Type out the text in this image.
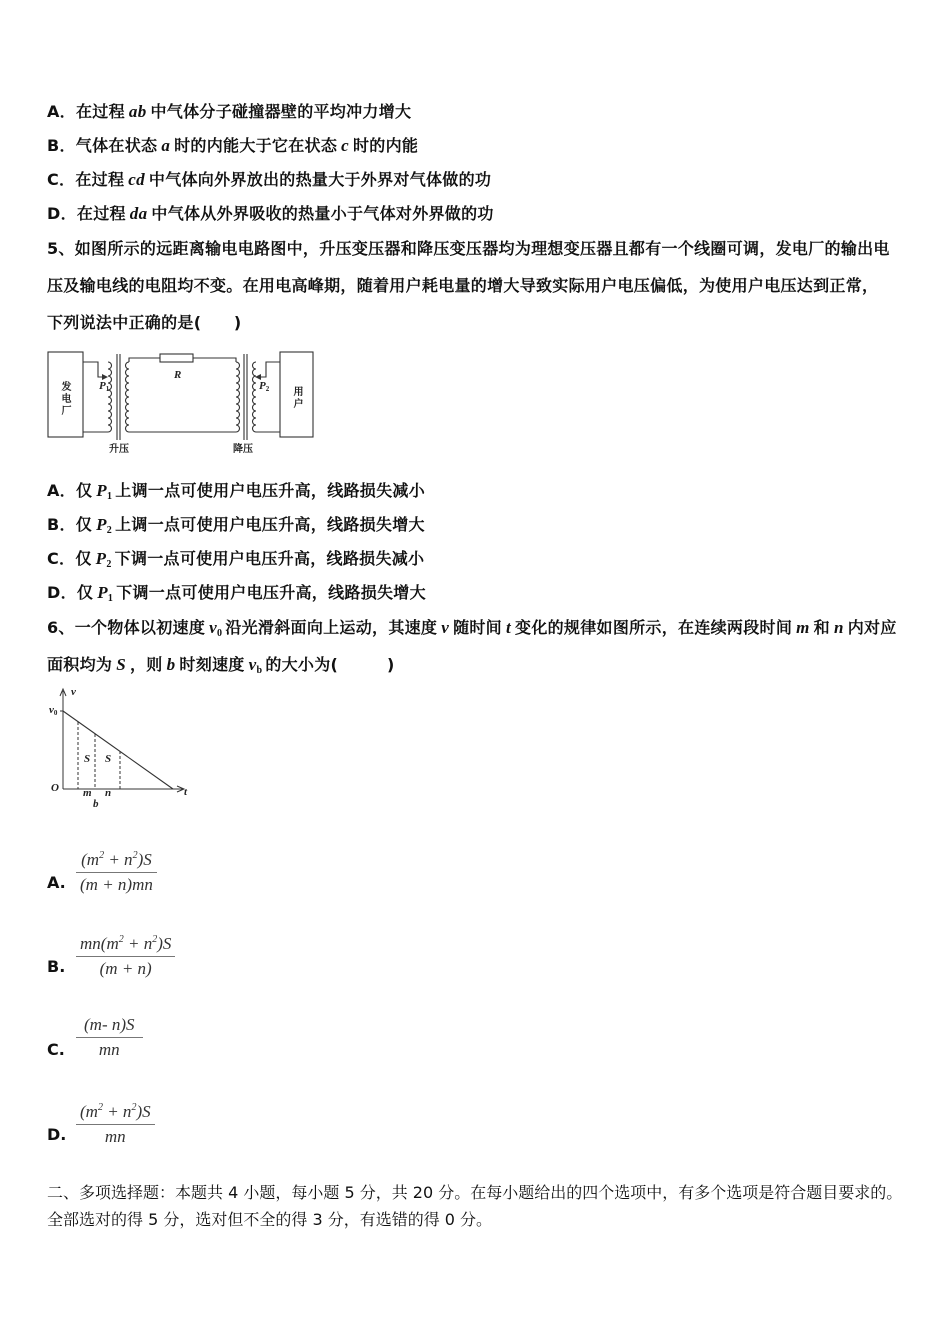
A．在过程 ab 中气体分子碰撞器壁的平均冲力增大
B．气体在状态 a 时的内能大于它在状态 c 时的内能
C．在过程 cd 中气体向外界放出的热量大于外界对气体做的功
D．在过程 da 中气体从外界吸收的热量小于气体对外界做的功
5、如图所示的远距离输电电路图中，升压变压器和降压变压器均为理想变压器且都有一个线圈可调，发电厂的输出电
压及输电线的电阻均不变。在用电高峰期，随着用户耗电量的增大导致实际用户电压偏低，为使用户电压达到正常，
下列说法中正确的是(　　)
发电厂	用户
R
$P_1$	$P_2$
升压	降压
A．仅 $P_1$ 上调一点可使用户电压升高，线路损失减小
B．仅 $P_2$ 上调一点可使用户电压升高，线路损失增大
C．仅 $P_2$ 下调一点可使用户电压升高，线路损失减小
D．仅 $P_1$ 下调一点可使用户电压升高，线路损失增大
6、一个物体以初速度 $v_0$ 沿光滑斜面向上运动，其速度 v 随时间 t 变化的规律如图所示，在连续两段时间 m 和 n 内对应
面积均为 S ，则 b 时刻速度 $v_b$ 的大小为(　　　)
v
t
O
$v_0$
S S
m n
b
A.
$(m^2 + n^2)S$
(m + n)mn
B.
$mn(m^2 + n^2)S$
(m + n)
C.
(m- n)S
mn
D.
$(m^2 + n^2)S$
mn
二、多项选择题：本题共 4 小题，每小题 5 分，共 20 分。在每小题给出的四个选项中，有多个选项是符合题目要求的。
全部选对的得 5 分，选对但不全的得 3 分，有选错的得 0 分。
